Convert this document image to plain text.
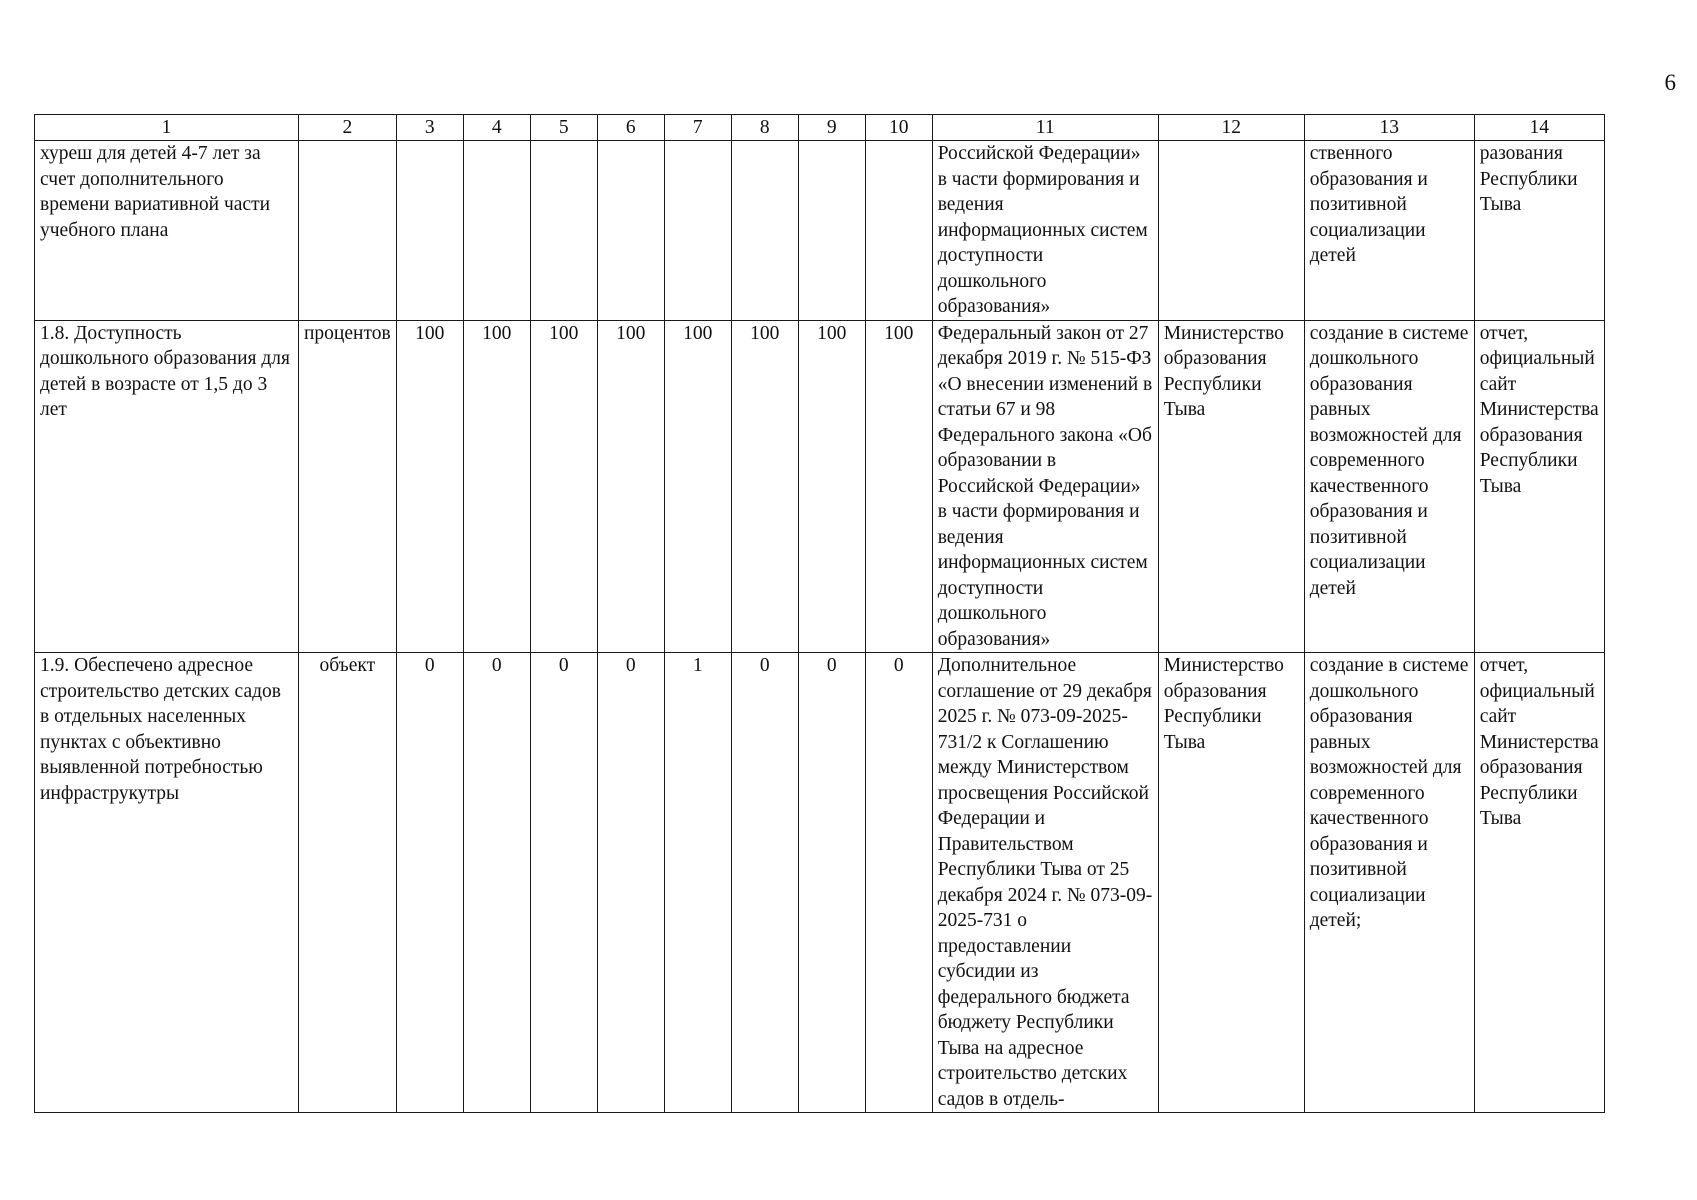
6
1	2	3	4	5	6	7	8	9	10	11	12	13	14
хуреш для детей 4-7 лет за счет дополнительного времени вариативной части учебного плана										Российской Федерации» в части формирования и ведения информационных систем доступности дошкольного образования»		ственного образования и позитивной социализации детей	разования Республики Тыва
1.8. Доступность дошкольного образования для детей в возрасте от 1,5 до 3 лет	процентов	100	100	100	100	100	100	100	100	Федеральный закон от 27 декабря 2019 г. № 515-ФЗ «О внесении изменений в статьи 67 и 98 Федерального закона «Об образовании в Российской Федерации» в части формирования и ведения информационных систем доступности дошкольного образования»	Министерство образования Республики Тыва	создание в системе дошкольного образования равных возможностей для современного качественного образования и позитивной социализации детей	отчет, официальный сайт Министерства образования Республики Тыва
1.9. Обеспечено адресное строительство детских садов в отдельных населенных пунктах с объективно выявленной потребностью инфраструкутры	объект	0	0	0	0	1	0	0	0	Дополнительное соглашение от 29 декабря 2025 г. № 073-09-2025-731/2 к Соглашению между Министерством просвещения Российской Федерации и Правительством Республики Тыва от 25 декабря 2024 г. № 073-09-2025-731 о предоставлении субсидии из федерального бюджета бюджету Республики Тыва на адресное строительство детских садов в отдель-	Министерство образования Республики Тыва	создание в системе дошкольного образования равных возможностей для современного качественного образования и позитивной социализации детей;	отчет, официальный сайт Министерства образования Республики Тыва
